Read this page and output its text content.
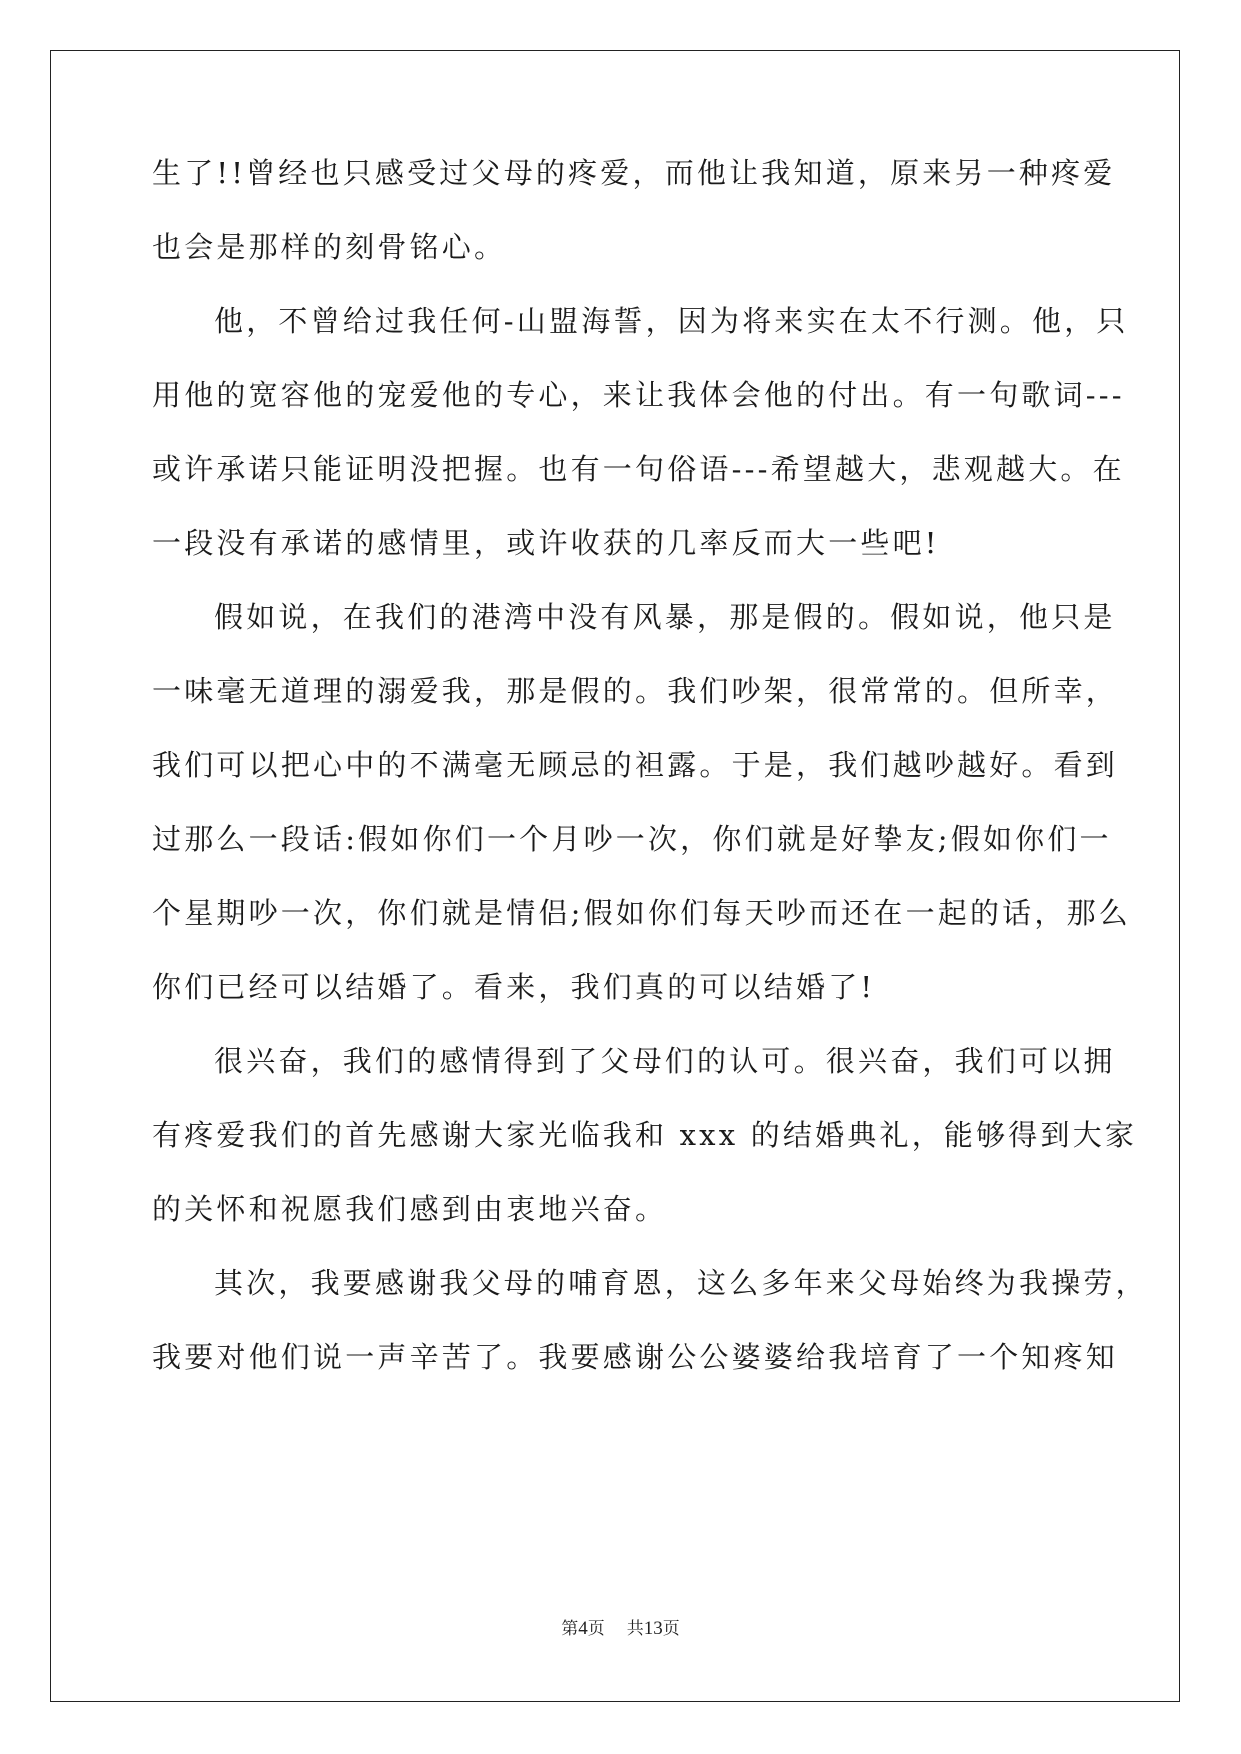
生了!!曾经也只感受过父母的疼爱，而他让我知道，原来另一种疼爱
也会是那样的刻骨铭心。
他，不曾给过我任何-山盟海誓，因为将来实在太不行测。他，只
用他的宽容他的宠爱他的专心，来让我体会他的付出。有一句歌词---
或许承诺只能证明没把握。也有一句俗语---希望越大，悲观越大。在
一段没有承诺的感情里，或许收获的几率反而大一些吧!
假如说，在我们的港湾中没有风暴，那是假的。假如说，他只是
一味毫无道理的溺爱我，那是假的。我们吵架，很常常的。但所幸，
我们可以把心中的不满毫无顾忌的袒露。于是，我们越吵越好。看到
过那么一段话:假如你们一个月吵一次，你们就是好挚友;假如你们一
个星期吵一次，你们就是情侣;假如你们每天吵而还在一起的话，那么
你们已经可以结婚了。看来，我们真的可以结婚了!
很兴奋，我们的感情得到了父母们的认可。很兴奋，我们可以拥
有疼爱我们的首先感谢大家光临我和 xxx 的结婚典礼，能够得到大家
的关怀和祝愿我们感到由衷地兴奋。
其次，我要感谢我父母的哺育恩，这么多年来父母始终为我操劳，
我要对他们说一声辛苦了。我要感谢公公婆婆给我培育了一个知疼知
第4页 共13页
